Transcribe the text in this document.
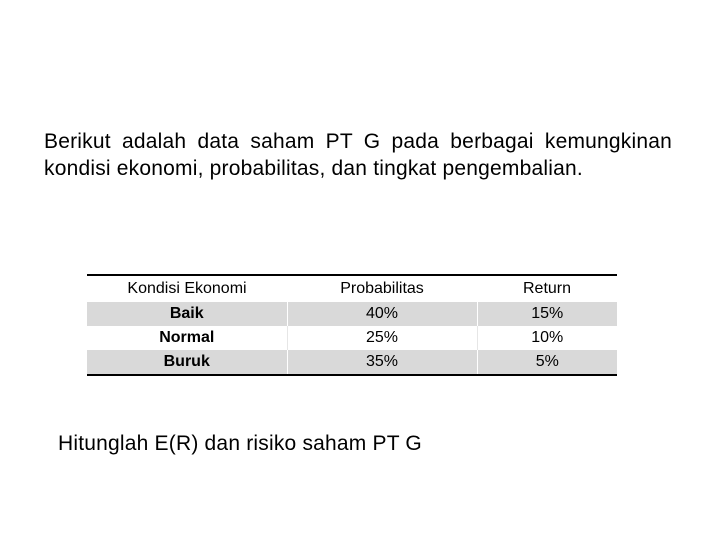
Berikut adalah data saham PT G pada berbagai kemungkinan kondisi ekonomi, probabilitas, dan tingkat pengembalian.

Kondisi Ekonomi	Probabilitas	Return
Baik	40%	15%
Normal	25%	10%
Buruk	35%	5%

Hitunglah E(R) dan risiko saham PT G
